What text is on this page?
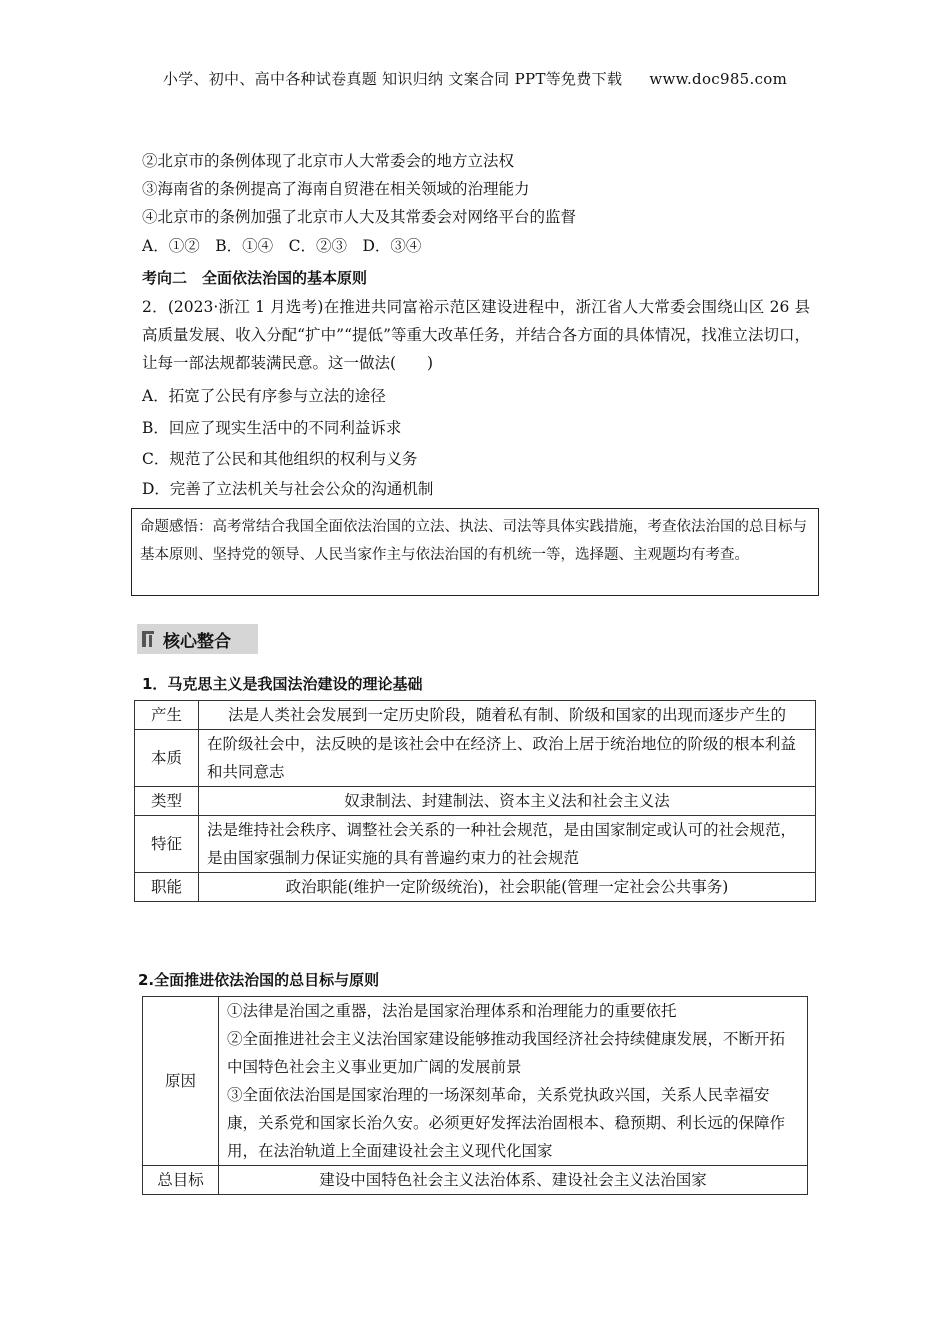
小学、初中、高中各种试卷真题 知识归纳 文案合同 PPT等免费下载 www.doc985.com
②北京市的条例体现了北京市人大常委会的地方立法权
③海南省的条例提高了海南自贸港在相关领域的治理能力
④北京市的条例加强了北京市人大及其常委会对网络平台的监督
A．①②　B．①④　C．②③　D．③④
考向二　全面依法治国的基本原则
2．(2023·浙江 1 月选考)在推进共同富裕示范区建设进程中，浙江省人大常委会围绕山区 26 县高质量发展、收入分配“扩中”“提低”等重大改革任务，并结合各方面的具体情况，找准立法切口，让每一部法规都装满民意。这一做法(　　)
A．拓宽了公民有序参与立法的途径
B．回应了现实生活中的不同利益诉求
C．规范了公民和其他组织的权利与义务
D．完善了立法机关与社会公众的沟通机制
命题感悟：高考常结合我国全面依法治国的立法、执法、司法等具体实践措施，考查依法治国的总目标与基本原则、坚持党的领导、人民当家作主与依法治国的有机统一等，选择题、主观题均有考查。
核心整合
1．马克思主义是我国法治建设的理论基础
产生	法是人类社会发展到一定历史阶段，随着私有制、阶级和国家的出现而逐步产生的
本质	在阶级社会中，法反映的是该社会中在经济上、政治上居于统治地位的阶级的根本利益和共同意志
类型	奴隶制法、封建制法、资本主义法和社会主义法
特征	法是维持社会秩序、调整社会关系的一种社会规范，是由国家制定或认可的社会规范，是由国家强制力保证实施的具有普遍约束力的社会规范
职能	政治职能(维护一定阶级统治)，社会职能(管理一定社会公共事务)
2.全面推进依法治国的总目标与原则
原因	①法律是治国之重器，法治是国家治理体系和治理能力的重要依托
②全面推进社会主义法治国家建设能够推动我国经济社会持续健康发展，不断开拓中国特色社会主义事业更加广阔的发展前景
③全面依法治国是国家治理的一场深刻革命，关系党执政兴国，关系人民幸福安康，关系党和国家长治久安。必须更好发挥法治固根本、稳预期、利长远的保障作用，在法治轨道上全面建设社会主义现代化国家

总目标	建设中国特色社会主义法治体系、建设社会主义法治国家
